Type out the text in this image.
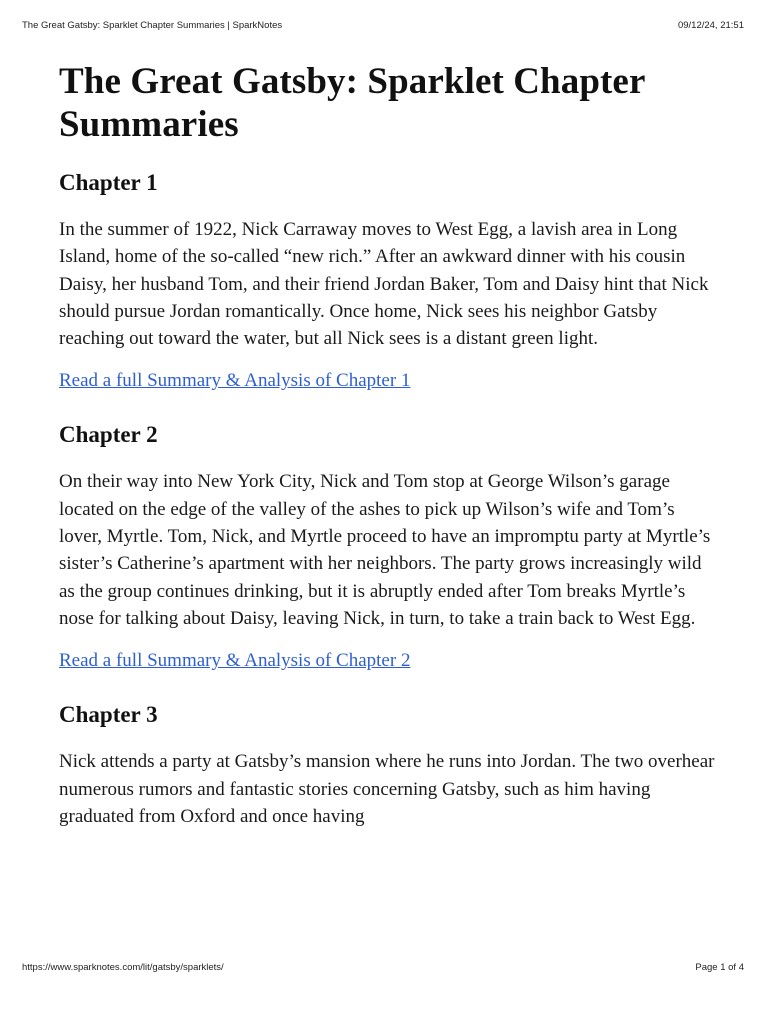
The Great Gatsby: Sparklet Chapter Summaries | SparkNotes	09/12/24, 21:51
The Great Gatsby: Sparklet Chapter Summaries
Chapter 1

In the summer of 1922, Nick Carraway moves to West Egg, a lavish area in Long Island, home of the so-called “new rich.” After an awkward dinner with his cousin Daisy, her husband Tom, and their friend Jordan Baker, Tom and Daisy hint that Nick should pursue Jordan romantically. Once home, Nick sees his neighbor Gatsby reaching out toward the water, but all Nick sees is a distant green light.

Read a full Summary & Analysis of Chapter 1
Chapter 2

On their way into New York City, Nick and Tom stop at George Wilson’s garage located on the edge of the valley of the ashes to pick up Wilson’s wife and Tom’s lover, Myrtle. Tom, Nick, and Myrtle proceed to have an impromptu party at Myrtle’s sister’s Catherine’s apartment with her neighbors. The party grows increasingly wild as the group continues drinking, but it is abruptly ended after Tom breaks Myrtle’s nose for talking about Daisy, leaving Nick, in turn, to take a train back to West Egg.

Read a full Summary & Analysis of Chapter 2
Chapter 3

Nick attends a party at Gatsby’s mansion where he runs into Jordan. The two overhear numerous rumors and fantastic stories concerning Gatsby, such as him having graduated from Oxford and once having

https://www.sparknotes.com/lit/gatsby/sparklets/	Page 1 of 4
